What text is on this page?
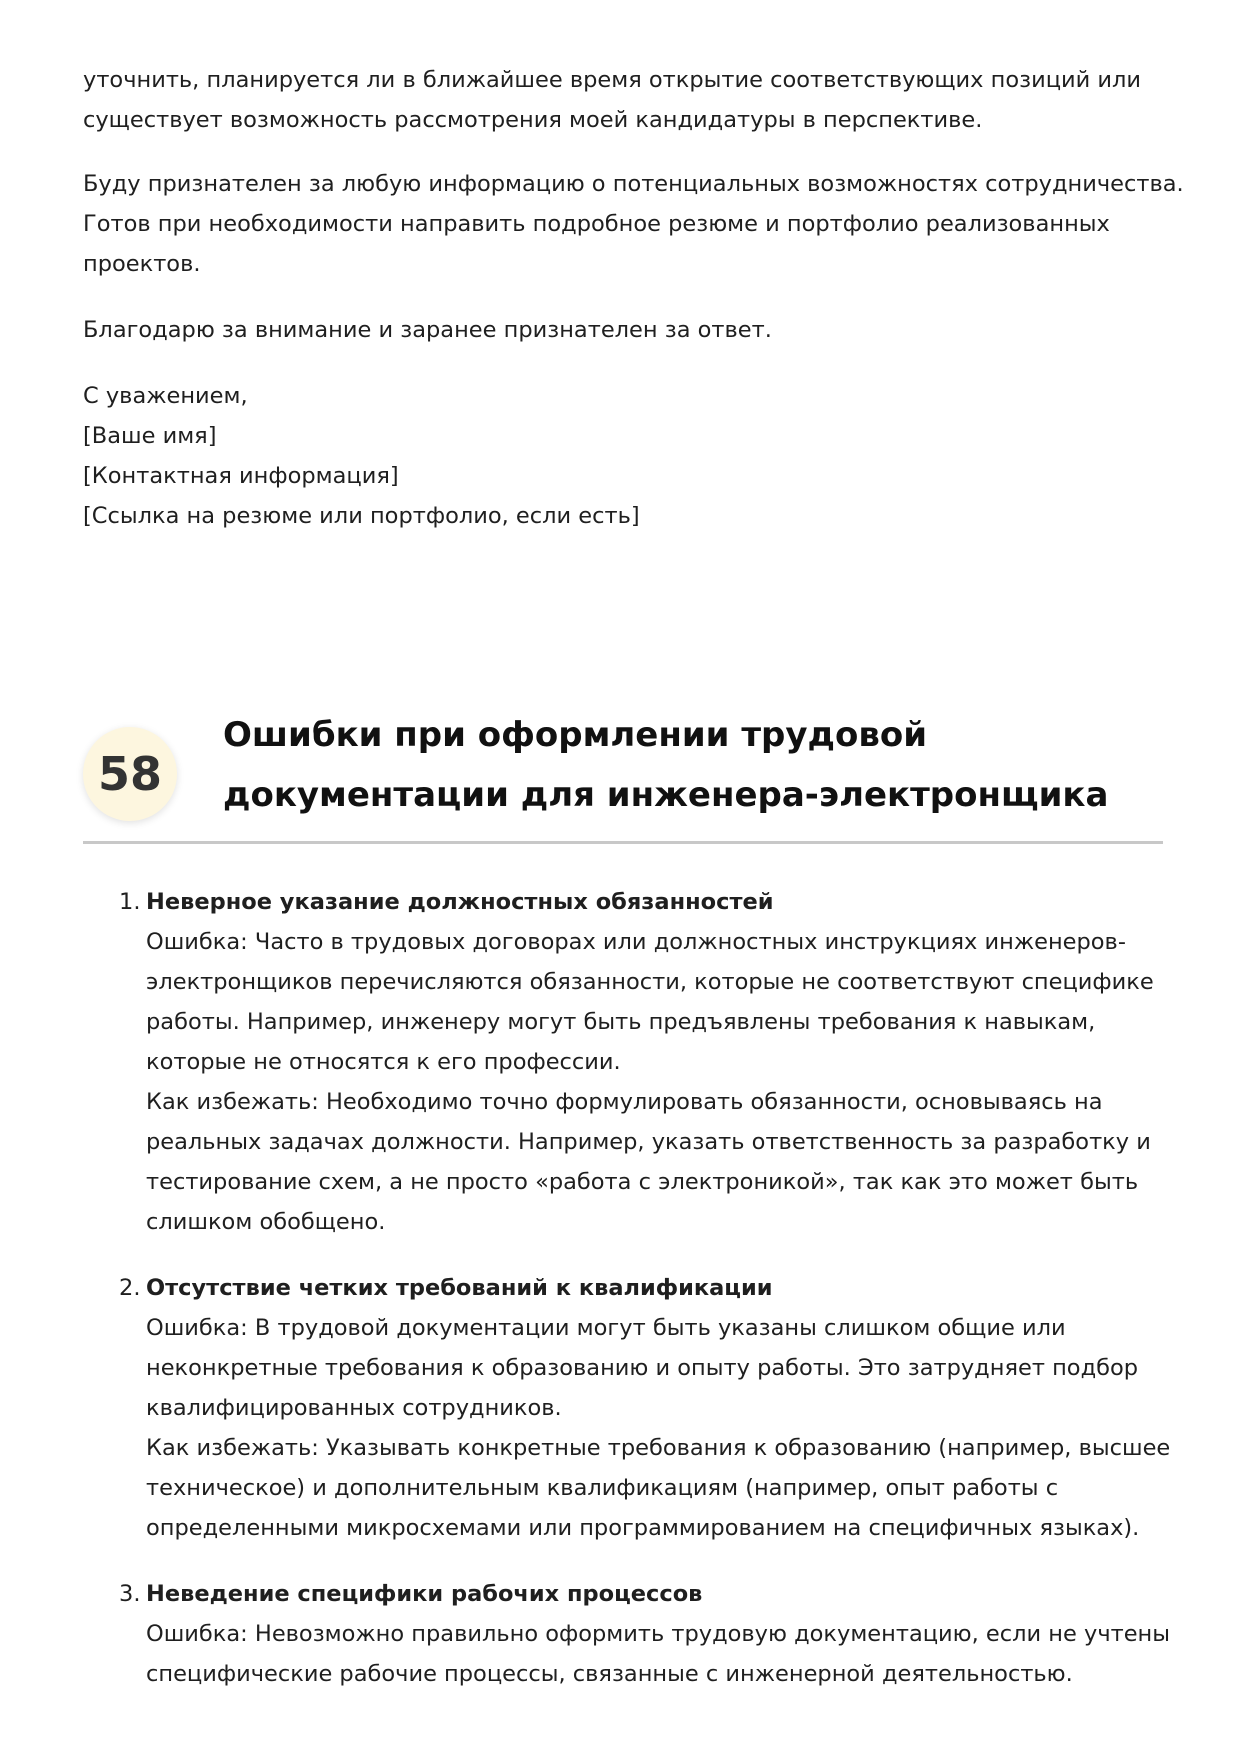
уточнить, планируется ли в ближайшее время открытие соответствующих позиций или
существует возможность рассмотрения моей кандидатуры в перспективе.

Буду признателен за любую информацию о потенциальных возможностях сотрудничества.
Готов при необходимости направить подробное резюме и портфолио реализованных
проектов.

Благодарю за внимание и заранее признателен за ответ.

С уважением,
[Ваше имя]
[Контактная информация]
[Ссылка на резюме или портфолио, если есть]

58
Ошибки при оформлении трудовой
документации для инженера-электронщика
1. Неверное указание должностных обязанностей
Ошибка: Часто в трудовых договорах или должностных инструкциях инженеров-
электронщиков перечисляются обязанности, которые не соответствуют специфике
работы. Например, инженеру могут быть предъявлены требования к навыкам,
которые не относятся к его профессии.
Как избежать: Необходимо точно формулировать обязанности, основываясь на
реальных задачах должности. Например, указать ответственность за разработку и
тестирование схем, а не просто «работа с электроникой», так как это может быть
слишком обобщено.
2. Отсутствие четких требований к квалификации
Ошибка: В трудовой документации могут быть указаны слишком общие или
неконкретные требования к образованию и опыту работы. Это затрудняет подбор
квалифицированных сотрудников.
Как избежать: Указывать конкретные требования к образованию (например, высшее
техническое) и дополнительным квалификациям (например, опыт работы с
определенными микросхемами или программированием на специфичных языках).
3. Неведение специфики рабочих процессов
Ошибка: Невозможно правильно оформить трудовую документацию, если не учтены
специфические рабочие процессы, связанные с инженерной деятельностью.
